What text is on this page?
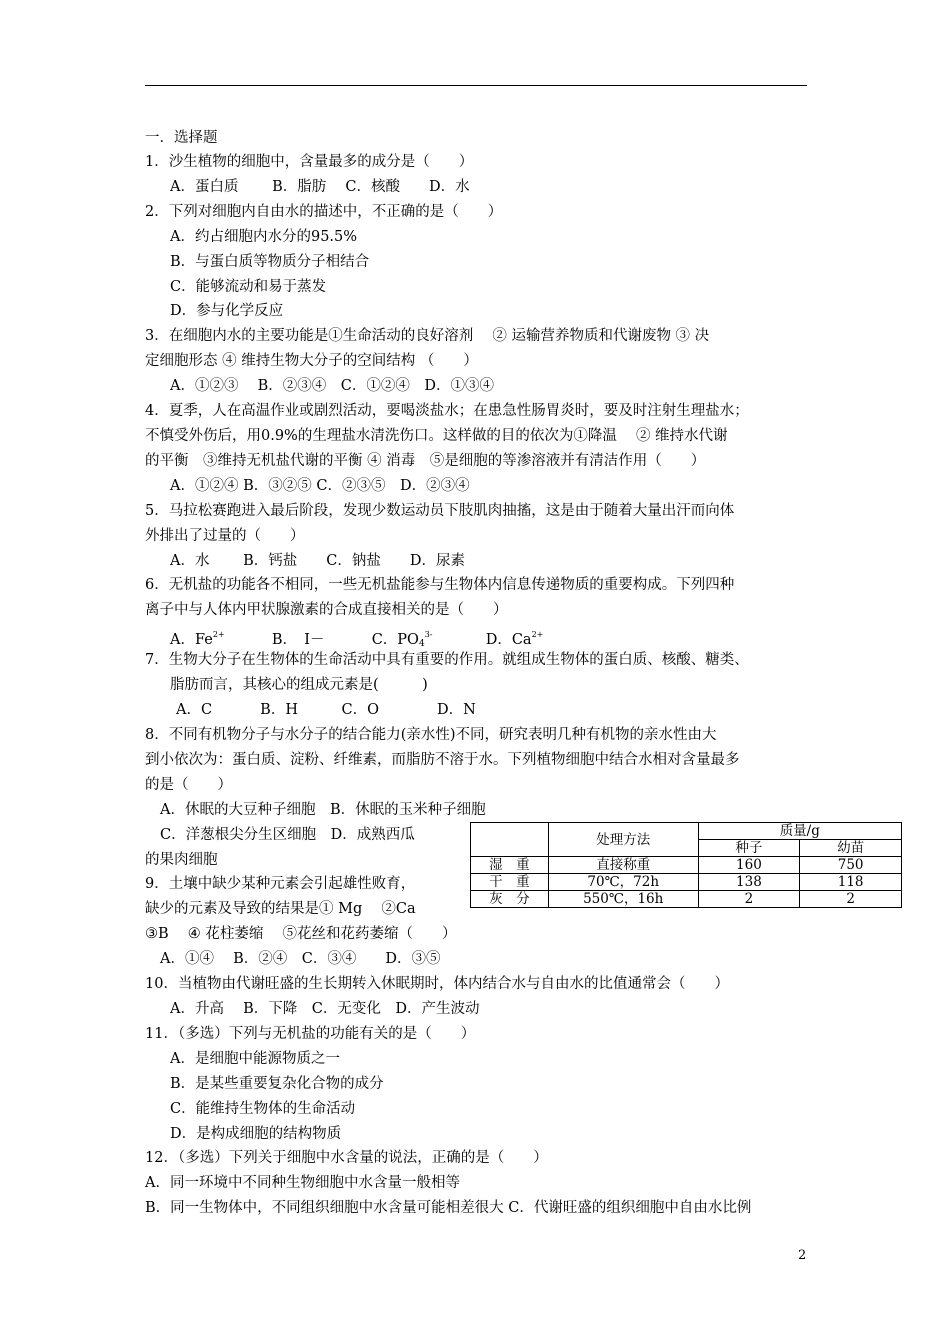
一．选择题
1．沙生植物的细胞中，含量最多的成分是（　　）
A．蛋白质　　 B．脂肪　 C．核酸　　D．水
2．下列对细胞内自由水的描述中，不正确的是（　　）
A．约占细胞内水分的95.5%
B．与蛋白质等物质分子相结合
C．能够流动和易于蒸发
D．参与化学反应
3．在细胞内水的主要功能是①生命活动的良好溶剂　 ② 运输营养物质和代谢废物 ③ 决
定细胞形态 ④ 维持生物大分子的空间结构 （　　）
A．①②③　 B．②③④　C．①②④　D．①③④
4．夏季，人在高温作业或剧烈活动，要喝淡盐水；在患急性肠胃炎时，要及时注射生理盐水；
不慎受外伤后，用0.9%的生理盐水清洗伤口。这样做的目的依次为①降温　 ② 维持水代谢
的平衡　③维持无机盐代谢的平衡 ④ 消毒　⑤是细胞的等渗溶液并有清洁作用（　　）
A．①②④ B．③②⑤ C．②③⑤　D．②③④
5．马拉松赛跑进入最后阶段，发现少数运动员下肢肌肉抽搐，这是由于随着大量出汗而向体
外排出了过量的（　　）
A．水　　 B．钙盐　　C．钠盐　　D．尿素
6．无机盐的功能各不相同，一些无机盐能参与生物体内信息传递物质的重要构成。下列四种
离子中与人体内甲状腺激素的合成直接相关的是（　　）
A．$Fe^{2+}$	B．　I－	C．$PO_4^{3-}$	D．$Ca^{2+}$
7．生物大分子在生物体的生命活动中具有重要的作用。就组成生物体的蛋白质、核酸、糖类、
脂肪而言，其核心的组成元素是(　　　)
A．C　　　 B．H　　　C．O　　　　D．N
8．不同有机物分子与水分子的结合能力(亲水性)不同，研究表明几种有机物的亲水性由大
到小依次为：蛋白质、淀粉、纤维素，而脂肪不溶于水。下列植物细胞中结合水相对含量最多
的是（　　）
A．休眠的大豆种子细胞　B．休眠的玉米种子细胞
C．洋葱根尖分生区细胞　D．成熟西瓜
的果肉细胞
9．土壤中缺少某种元素会引起雄性败育，
缺少的元素及导致的结果是① Mg　 ②Ca
③B　 ④ 花柱萎缩　 ⑤花丝和花药萎缩（　　）
A．①④　 B．②④　C．③④　　D．③⑤
10．当植物由代谢旺盛的生长期转入休眠期时，体内结合水与自由水的比值通常会（　　）
A．升高　 B．下降　C．无变化　D．产生波动
11．（多选）下列与无机盐的功能有关的是（　　）
A．是细胞中能源物质之一
B．是某些重要复杂化合物的成分
C．能维持生物体的生命活动
D．是构成细胞的结构物质
12．（多选）下列关于细胞中水含量的说法，正确的是（　　）
A．同一环境中不同种生物细胞中水含量一般相等
B．同一生物体中，不同组织细胞中水含量可能相差很大 C．代谢旺盛的组织细胞中自由水比例
	处理方法	质量/g	
		种子	幼苗
湿　重	直接称重	160	750
干　重	70℃，72h	138	118
灰　分	550℃，16h	2	2
2
